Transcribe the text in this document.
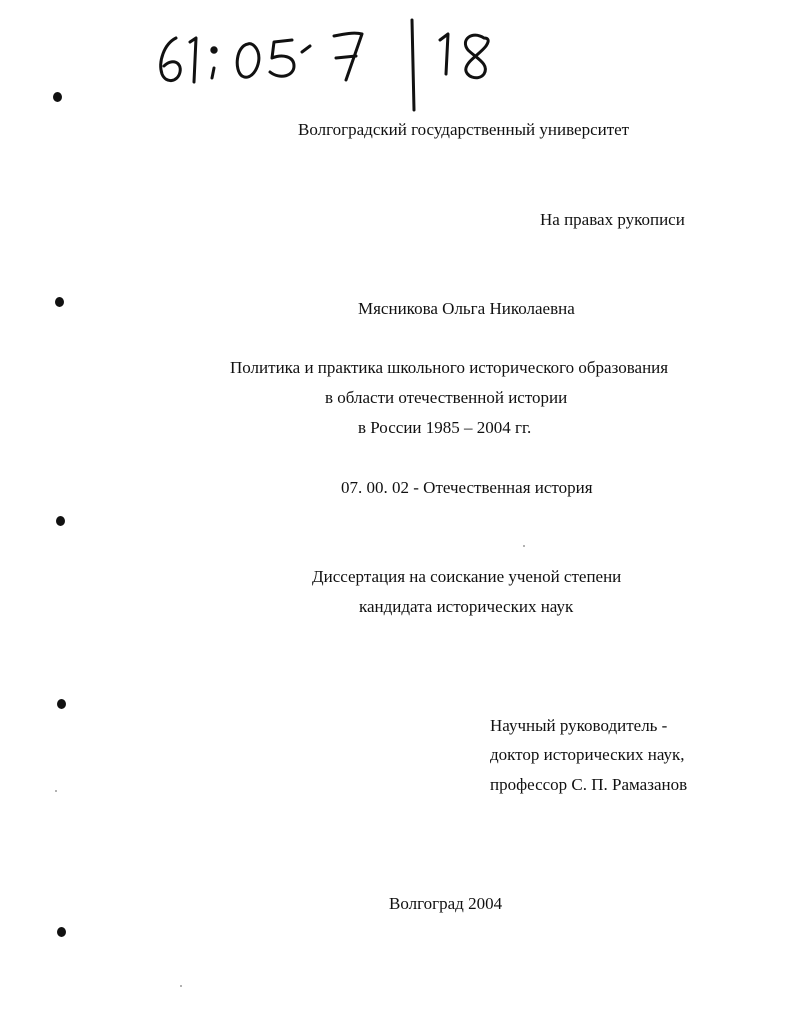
Волгоградский государственный университет
На правах рукописи
Мясникова Ольга Николаевна
Политика и практика школьного исторического образования
в области отечественной истории
в России 1985 – 2004 гг.
07. 00. 02 - Отечественная история
Диссертация на соискание ученой степени
кандидата исторических наук
Научный руководитель -
доктор исторических наук,
профессор С. П. Рамазанов
Волгоград 2004
